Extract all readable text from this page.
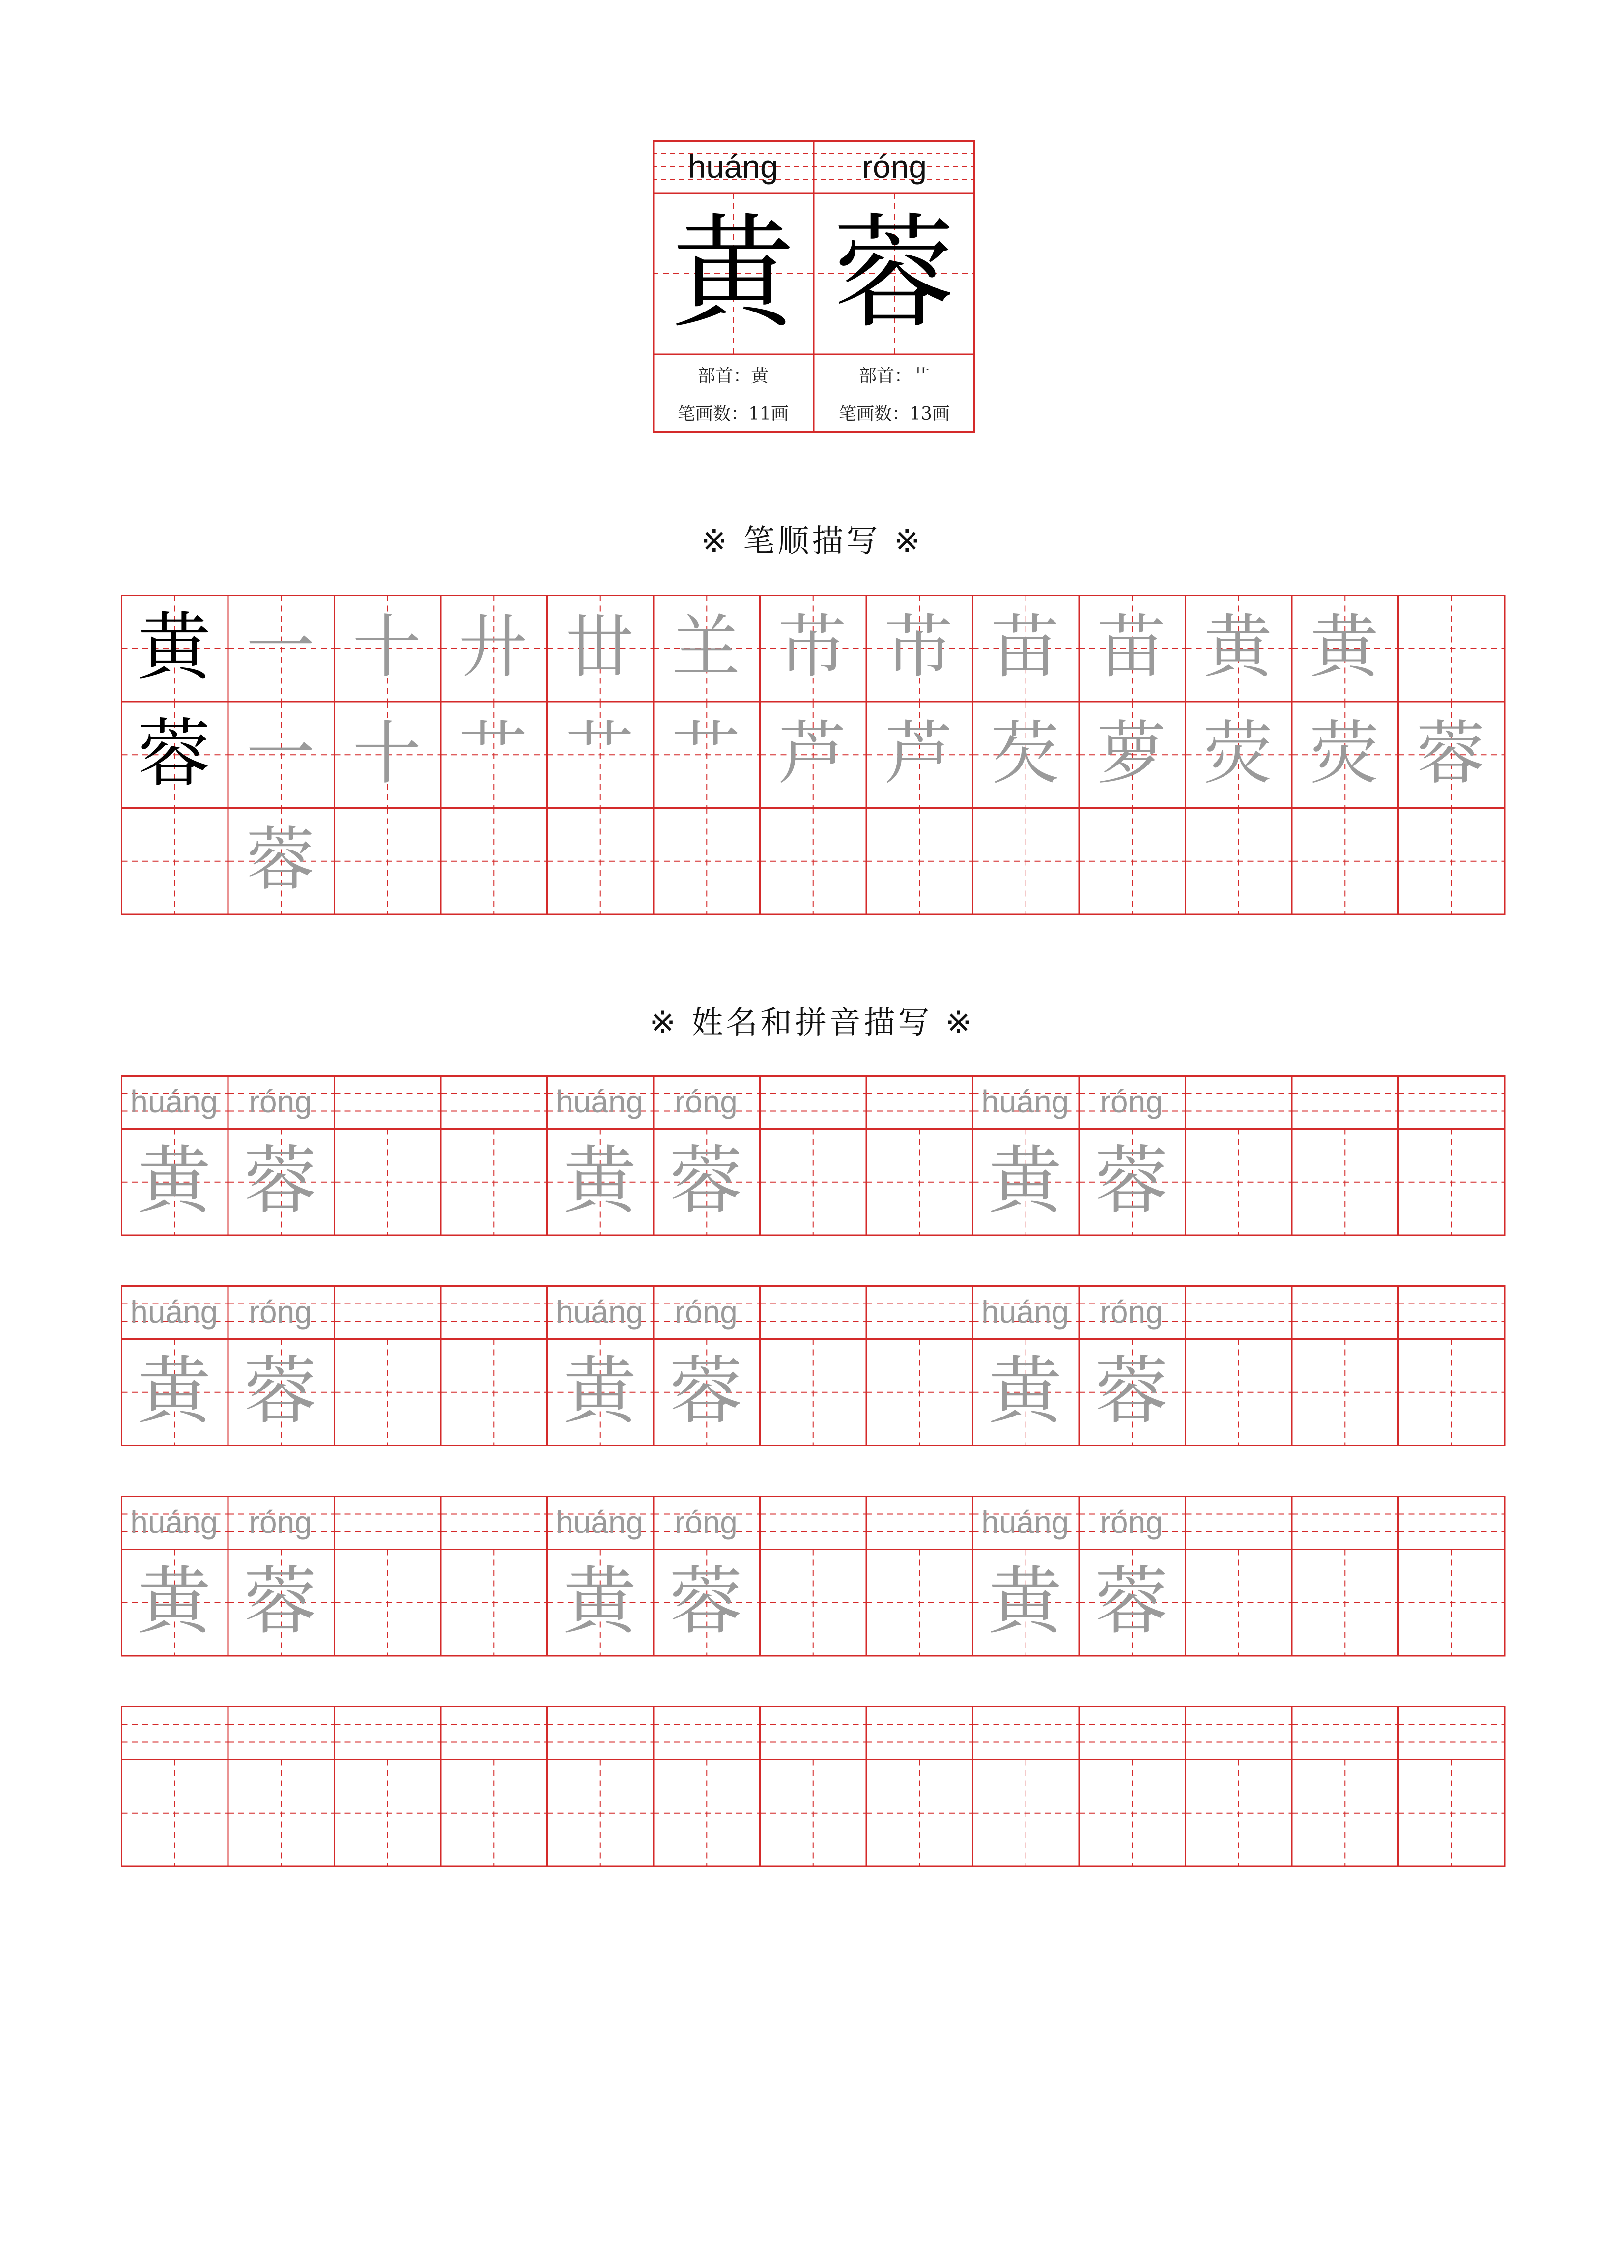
huáng
黄
部首：黄
笔画数：11画
róng
蓉
部首：艹
笔画数：13画
※ 笔顺描写 ※
黄 一 十 廾 丗 𦍌 芇 芇 苗 苗 黄 黄
蓉 一 十 艹 艹 艹 芦 芦 芡 萝 荧 荧 蓉
蓉
※ 姓名和拼音描写 ※
huáng
黄
róng
蓉
huáng
黄
róng
蓉
huáng
黄
róng
蓉
huáng
黄
róng
蓉
huáng
黄
róng
蓉
huáng
黄
róng
蓉
huáng
黄
róng
蓉
huáng
黄
róng
蓉
huáng
黄
róng
蓉
